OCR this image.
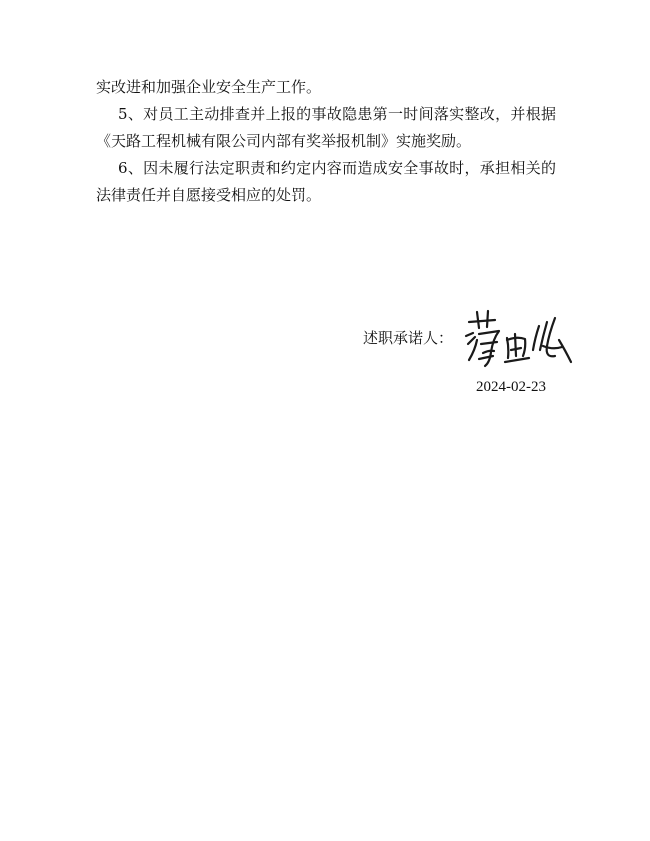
实改进和加强企业安全生产工作。

5、对员工主动排查并上报的事故隐患第一时间落实整改，并根据《天路工程机械有限公司内部有奖举报机制》实施奖励。

6、因未履行法定职责和约定内容而造成安全事故时，承担相关的法律责任并自愿接受相应的处罚。

述职承诺人：
2024-02-23
